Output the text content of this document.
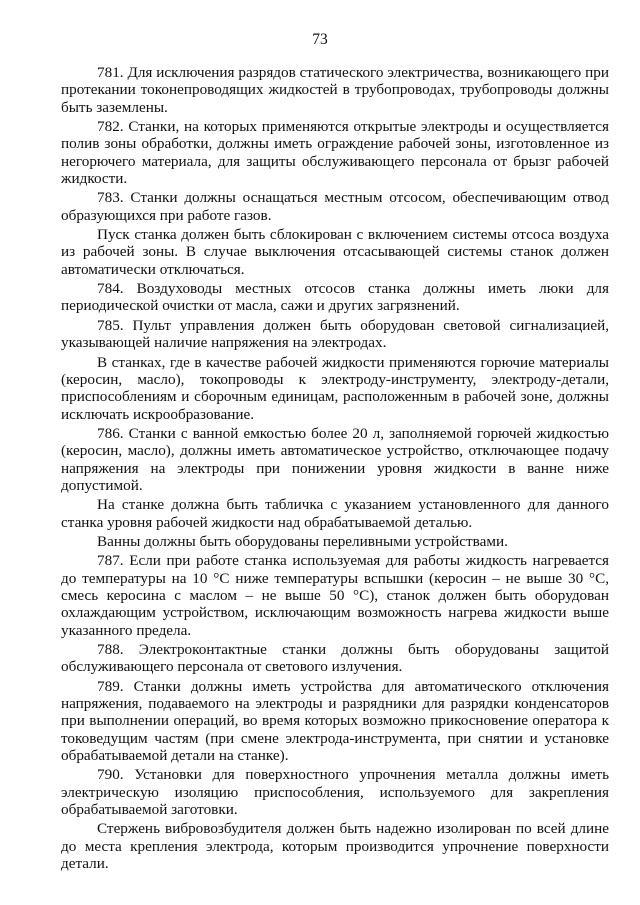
73

781. Для исключения разрядов статического электричества, возникающего при протекании токонепроводящих жидкостей в трубопроводах, трубопроводы должны быть заземлены.

782. Станки, на которых применяются открытые электроды и осуществляется полив зоны обработки, должны иметь ограждение рабочей зоны, изготовленное из негорючего материала, для защиты обслуживающего персонала от брызг рабочей жидкости.

783. Станки должны оснащаться местным отсосом, обеспечивающим отвод образующихся при работе газов.

Пуск станка должен быть сблокирован с включением системы отсоса воздуха из рабочей зоны. В случае выключения отсасывающей системы станок должен автоматически отключаться.

784. Воздуховоды местных отсосов станка должны иметь люки для периодической очистки от масла, сажи и других загрязнений.

785. Пульт управления должен быть оборудован световой сигнализацией, указывающей наличие напряжения на электродах.

В станках, где в качестве рабочей жидкости применяются горючие материалы (керосин, масло), токопроводы к электроду-инструменту, электроду-детали, приспособлениям и сборочным единицам, расположенным в рабочей зоне, должны исключать искрообразование.

786. Станки с ванной емкостью более 20 л, заполняемой горючей жидкостью (керосин, масло), должны иметь автоматическое устройство, отключающее подачу напряжения на электроды при понижении уровня жидкости в ванне ниже допустимой.

На станке должна быть табличка с указанием установленного для данного станка уровня рабочей жидкости над обрабатываемой деталью.

Ванны должны быть оборудованы переливными устройствами.

787. Если при работе станка используемая для работы жидкость нагревается до температуры на 10 °С ниже температуры вспышки (керосин – не выше 30 °С, смесь керосина с маслом – не выше 50 °С), станок должен быть оборудован охлаждающим устройством, исключающим возможность нагрева жидкости выше указанного предела.

788. Электроконтактные станки должны быть оборудованы защитой обслуживающего персонала от светового излучения.

789. Станки должны иметь устройства для автоматического отключения напряжения, подаваемого на электроды и разрядники для разрядки конденсаторов при выполнении операций, во время которых возможно прикосновение оператора к токоведущим частям (при смене электрода-инструмента, при снятии и установке обрабатываемой детали на станке).

790. Установки для поверхностного упрочнения металла должны иметь электрическую изоляцию приспособления, используемого для закрепления обрабатываемой заготовки.

Стержень вибровозбудителя должен быть надежно изолирован по всей длине до места крепления электрода, которым производится упрочнение поверхности детали.
